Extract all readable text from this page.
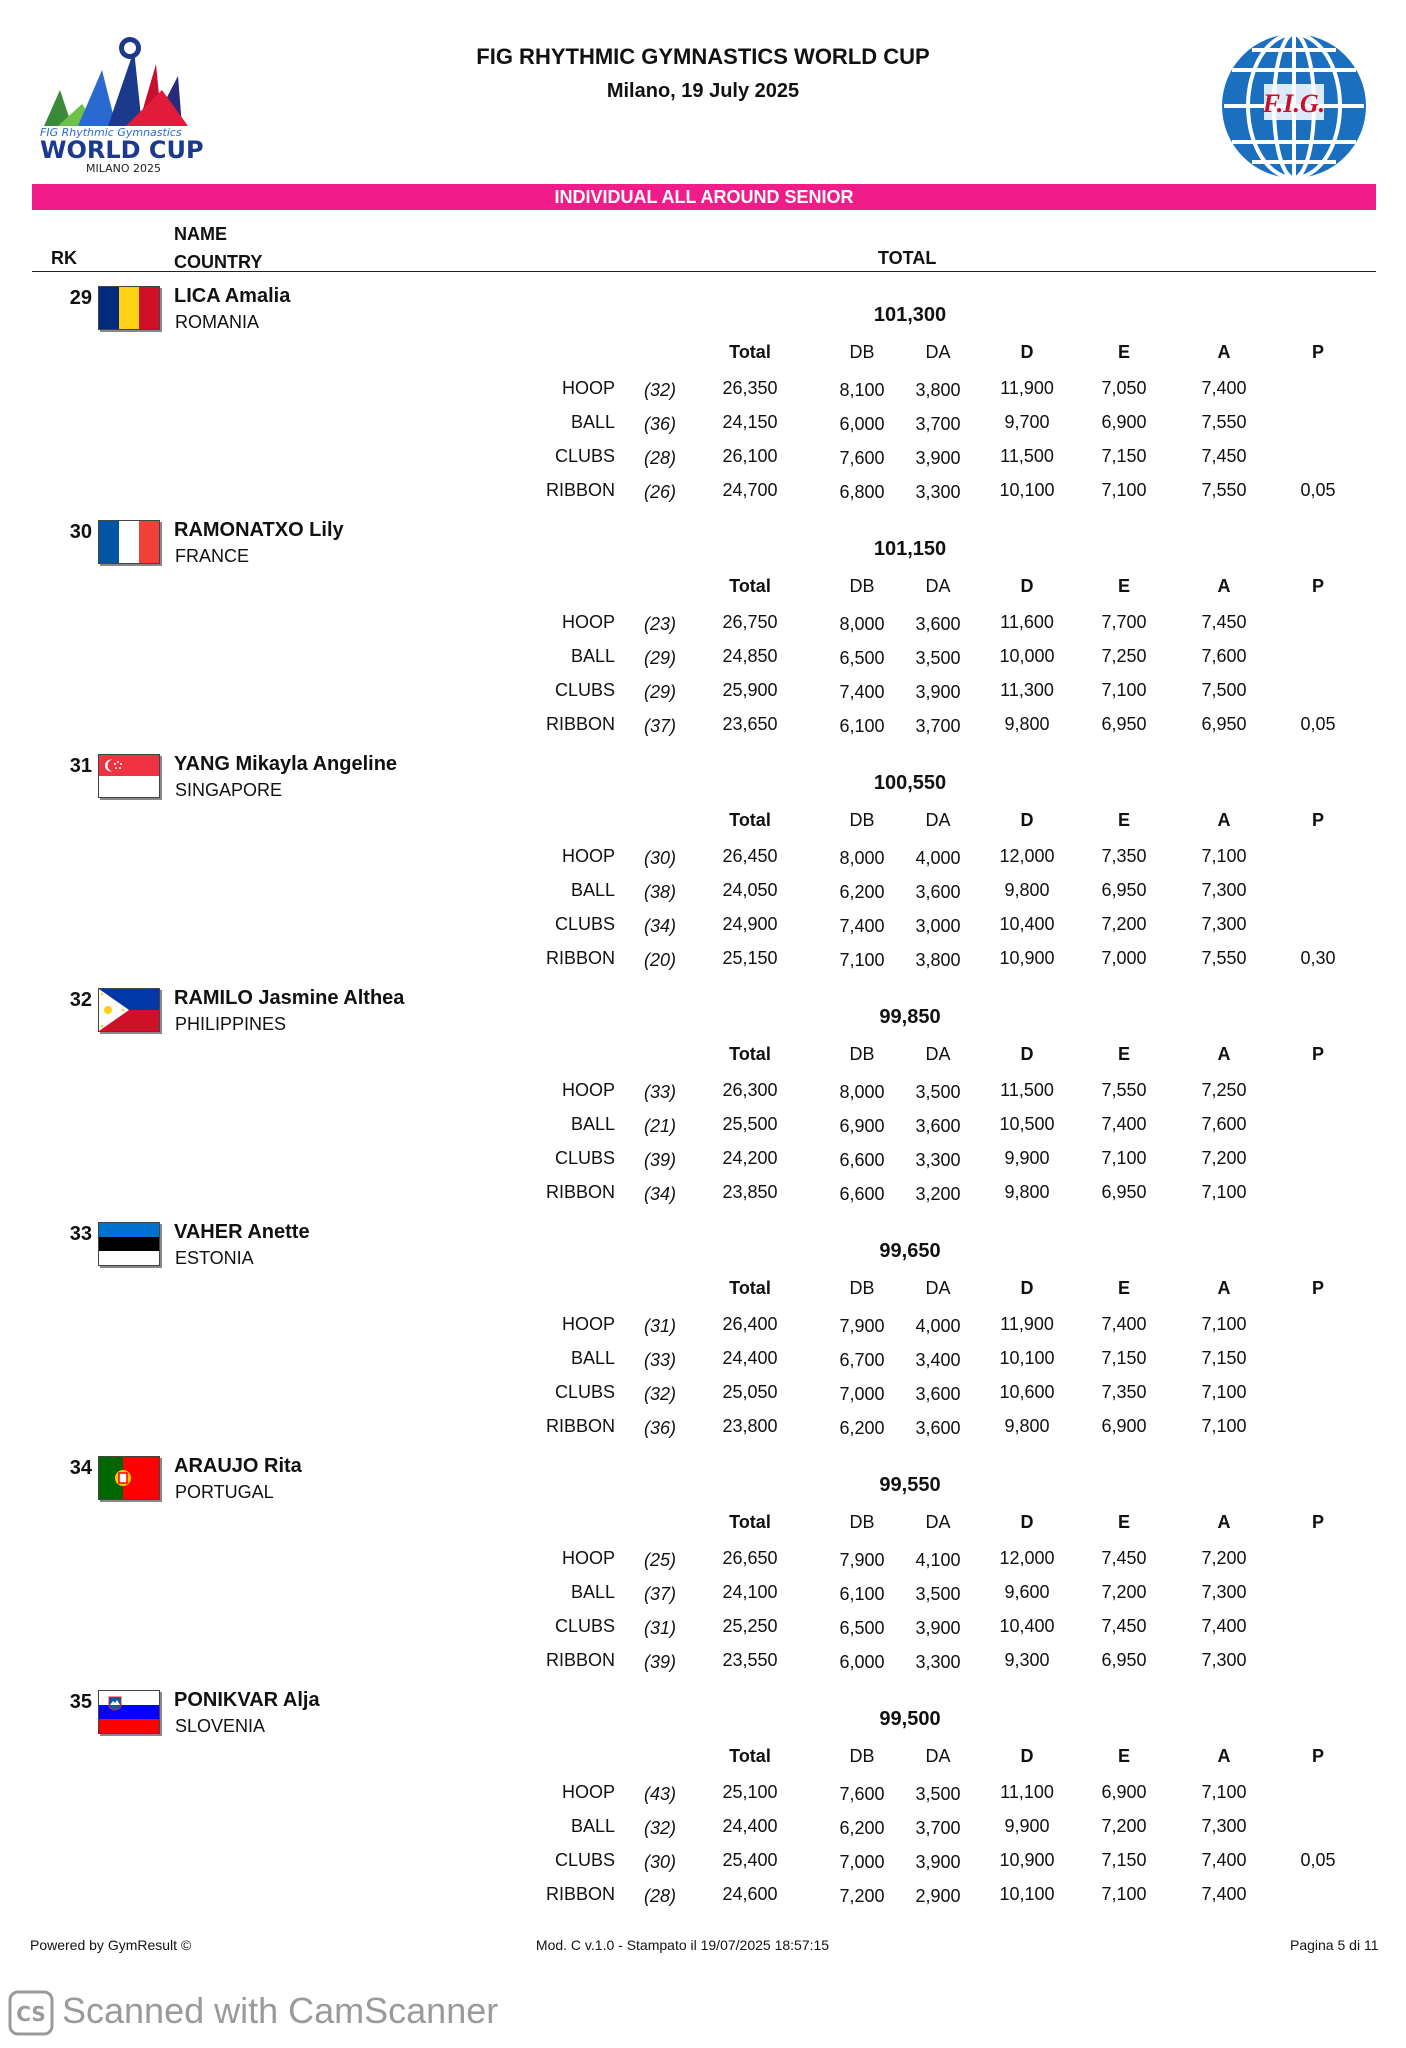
FIG Rhythmic Gymnastics
WORLD CUP
MILANO 2025
FIG RHYTHMIC GYMNASTICS WORLD CUP
Milano, 19 July 2025	F.I.G.
INDIVIDUAL ALL AROUND SENIOR
NAME
RK	COUNTRY	TOTAL
29	LICA Amalia
ROMANIA	101,300
Total	DB	DA	D	E	A	P
HOOP (32)	26,350	8,100	3,800	11,900	7,050	7,400
BALL (36)	24,150	6,000	3,700	9,700	6,900	7,550
CLUBS (28)	26,100	7,600	3,900	11,500	7,150	7,450
RIBBON (26)	24,700	6,800	3,300	10,100	7,100	7,550	0,05
30	RAMONATXO Lily
FRANCE	101,150
Total	DB	DA	D	E	A	P
HOOP (23)	26,750	8,000	3,600	11,600	7,700	7,450
BALL (29)	24,850	6,500	3,500	10,000	7,250	7,600
CLUBS (29)	25,900	7,400	3,900	11,300	7,100	7,500
RIBBON (37)	23,650	6,100	3,700	9,800	6,950	6,950	0,05
31	YANG Mikayla Angeline
SINGAPORE	100,550
Total	DB	DA	D	E	A	P
HOOP (30)	26,450	8,000	4,000	12,000	7,350	7,100
BALL (38)	24,050	6,200	3,600	9,800	6,950	7,300
CLUBS (34)	24,900	7,400	3,000	10,400	7,200	7,300
RIBBON (20)	25,150	7,100	3,800	10,900	7,000	7,550	0,30
32	RAMILO Jasmine Althea
PHILIPPINES	99,850
Total	DB	DA	D	E	A	P
HOOP (33)	26,300	8,000	3,500	11,500	7,550	7,250
BALL (21)	25,500	6,900	3,600	10,500	7,400	7,600
CLUBS (39)	24,200	6,600	3,300	9,900	7,100	7,200
RIBBON (34)	23,850	6,600	3,200	9,800	6,950	7,100
33	VAHER Anette
ESTONIA	99,650
Total	DB	DA	D	E	A	P
HOOP (31)	26,400	7,900	4,000	11,900	7,400	7,100
BALL (33)	24,400	6,700	3,400	10,100	7,150	7,150
CLUBS (32)	25,050	7,000	3,600	10,600	7,350	7,100
RIBBON (36)	23,800	6,200	3,600	9,800	6,900	7,100
34	ARAUJO Rita
PORTUGAL	99,550
Total	DB	DA	D	E	A	P
HOOP (25)	26,650	7,900	4,100	12,000	7,450	7,200
BALL (37)	24,100	6,100	3,500	9,600	7,200	7,300
CLUBS (31)	25,250	6,500	3,900	10,400	7,450	7,400
RIBBON (39)	23,550	6,000	3,300	9,300	6,950	7,300
35	PONIKVAR Alja
SLOVENIA	99,500
Total	DB	DA	D	E	A	P
HOOP (43)	25,100	7,600	3,500	11,100	6,900	7,100
BALL (32)	24,400	6,200	3,700	9,900	7,200	7,300
CLUBS (30)	25,400	7,000	3,900	10,900	7,150	7,400	0,05
RIBBON (28)	24,600	7,200	2,900	10,100	7,100	7,400
Powered by GymResult ©	Mod. C v.1.0 - Stampato il 19/07/2025 18:57:15	Pagina 5 di 11
CS Scanned with CamScanner
